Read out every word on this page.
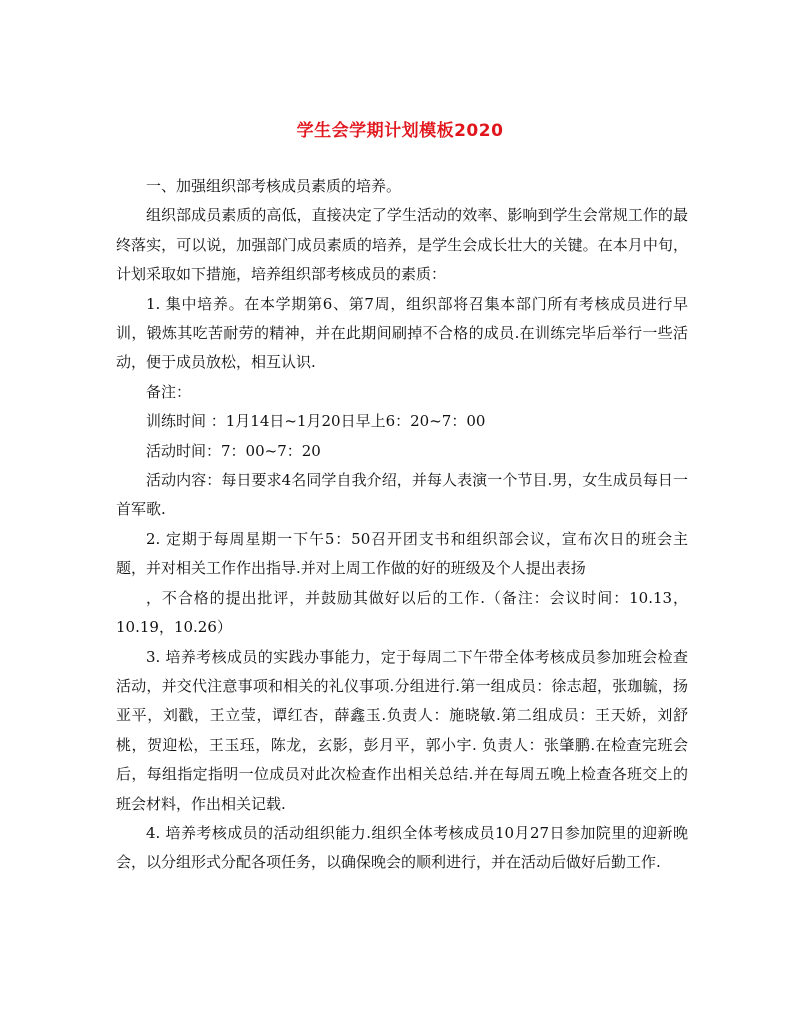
学生会学期计划模板2020

一、加强组织部考核成员素质的培养。

组织部成员素质的高低，直接决定了学生活动的效率、影响到学生会常规工作的最终落实，可以说，加强部门成员素质的培养，是学生会成长壮大的关键。在本月中旬，计划采取如下措施，培养组织部考核成员的素质：

1. 集中培养。在本学期第6、第7周，组织部将召集本部门所有考核成员进行早训，锻炼其吃苦耐劳的精神，并在此期间刷掉不合格的成员.在训练完毕后举行一些活动，便于成员放松，相互认识.

备注：

训练时间 ：1月14日~1月20日早上6：20~7：00

活动时间：7：00~7：20

活动内容：每日要求4名同学自我介绍，并每人表演一个节目.男，女生成员每日一首军歌.

2. 定期于每周星期一下午5：50召开团支书和组织部会议，宣布次日的班会主题，并对相关工作作出指导.并对上周工作做的好的班级及个人提出表扬

，不合格的提出批评，并鼓励其做好以后的工作.（备注：会议时间：10.13，10.19，10.26）

3. 培养考核成员的实践办事能力，定于每周二下午带全体考核成员参加班会检查活动，并交代注意事项和相关的礼仪事项.分组进行.第一组成员：徐志超，张珈毓，扬亚平，刘戳，王立莹，谭红杏，薛鑫玉.负责人：施晓敏.第二组成员：王天娇，刘舒桃，贺迎松，王玉珏，陈龙，玄影，彭月平，郭小宇. 负责人：张肇鹏.在检查完班会后，每组指定指明一位成员对此次检查作出相关总结.并在每周五晚上检查各班交上的班会材料，作出相关记载.

4. 培养考核成员的活动组织能力.组织全体考核成员10月27日参加院里的迎新晚会，以分组形式分配各项任务，以确保晚会的顺利进行，并在活动后做好后勤工作.
